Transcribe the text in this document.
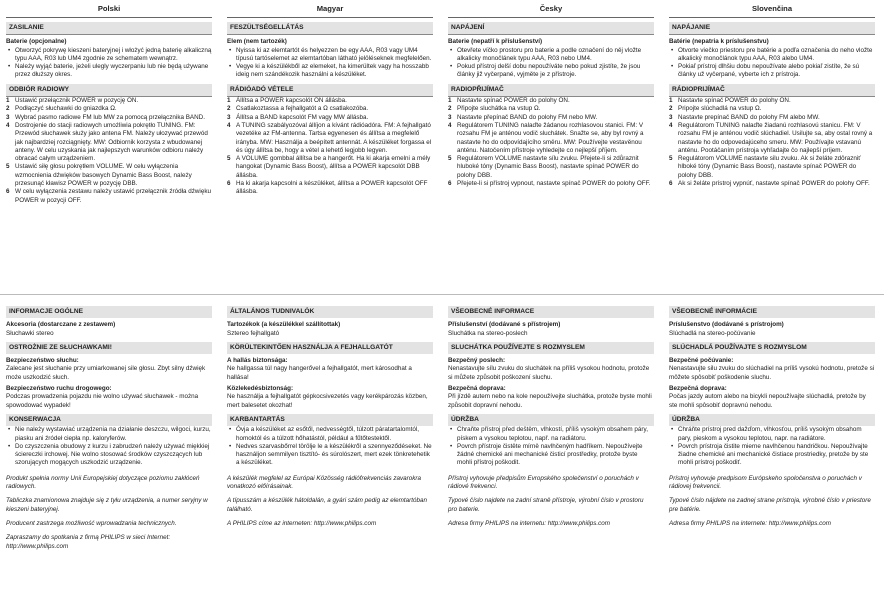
Polski
ZASILANIE
Baterie (opcjonalne)
• Otworzyć pokrywę kieszeni bateryjnej i włożyć jedną baterię alkaliczną typu AAA, R03 lub UM4 zgodnie ze schematem wewnątrz.
• Należy wyjąć baterie, jeżeli ulegly wyczerpaniu lub nie będą używane przez dłuższy okres.
ODBIÓR RADIOWY
1 Ustawić przełącznik POWER w pozycję ON.
2 Podłączyć słuchawki do gniazdka Ω.
3 Wybrać pasmo radiowe FM lub MW za pomocą przełącznika BAND.
4 Dostrojenie do stacji radiowych umożliwia pokrętło TUNING. FM: Przewód słuchawek służy jako antena FM. Należy ułozywać przewód jak najbardziej rozciągnięty. MW: Odbiornik korzysta z wbudowanej anteny. W celu uzyskania jak najlepszych warunków odbioru należy obracać całym urządzeniem.
5 Ustawić siłę głosu pokrętłem VOLUME. W celu wyłączenia wzmocnienia dźwięków basowych Dynamic Bass Boost, należy przesunąć kławisz POWER w pozycję DBB.
6 W celu wyłączenia zestawu należy ustawić przełącznik źródła dźwięku POWER w pozycji OFF.
INFORMACJE OGÓLNE
Akcesoria (dostarczane z zestawem)

Słuchawki stereo

OSTROŻNIE ZE SŁUCHAWKAMI!
Bezpieczeństwo słuchu:

Zalecane jest słuchanie przy umiarkowanej sile głosu. Zbyt silny dźwięk może uszkodzić słuch.

Bezpieczeństwo ruchu drogowego:

Podczas prowadzenia pojazdu nie wolno używać słuchawek - można spowodować wypadek!

KONSERWACJA
• Nie należy wystawiać urządzenia na działanie deszczu, wilgoci, kurzu, piasku ani źródeł ciepła np. kaloryferów.
• Do czyszczenia obudowy z kurzu i zabrudzeń należy używać miękkiej ściereczki irchowej. Nie wolno stosować środków czyszczących lub szorujących mogących uszkodzić urządzenie.

Produkt spełnia normy Unii Europejskiej dotyczące poziomu zakłóceń radiowych.

Tabliczka znamionowa znajduje się z tyłu urządzenia, a numer seryjny w kieszeni bateryjnej.

Producent zastrzega możliwość wprowadzania technicznych.

Zapraszamy do spotkania z firmą PHILIPS w sieci Internet: http://www.philips.com

Magyar
FESZÜLTSÉGELLÁTÁS
Elem (nem tartozék)
• Nyissa ki az elemtartót és helyezzen be egy AAA, R03 vagy UM4 típusú tartóselemet az elemtartóban látható jelöléseknek megfelelően.
• Vegye ki a készülékből az elemeket, ha kimerültek vagy ha hosszabb ideig nem szándékozik használni a készüléket.
RÁDIÓADÓ VÉTELE
1 Állítsa a POWER kapcsolót ON állásba.
2 Csatlakoztassa a fejhallgatót a Ω csatlakozóba.
3 Állítsa a BAND kapcsolót FM vagy MW állásba.
4 A TUNING szabályozóval állíjon a kívánt rádióadóra. FM: A fejhallgató vezetéke az FM-antenna. Tartsa egyenesen és állítsa a megfelelő irányba. MW: Használja a beépített antennát. A készüléket forgassa el és úgy állítsa be, hogy a vétel a lehető legjobb legyen.
5 A VOLUME gombbal állítsa be a hangerőt. Ha ki akarja emelni a mély hangokat (Dynamic Bass Boost), állítsa a POWER kapcsolót DBB állásba.
6 Ha ki akarja kapcsolni a készüléket, állítsa a POWER kapcsolót OFF állásba.
ÁLTALÁNOS TUDNIVALÓK
Tartozékok (a készülékkel szállítottak)

Sztereo fejhallgató

KÖRÜLTEKINTŐEN HASZNÁLJA A FEJHALLGATÓT
A hallás biztonsága:

Ne hallgassa túl nagy hangerővel a fejhallgatót, mert károsodhat a hallása!

Közlekedésbiztonság:

Ne használja a fejhallgatót gépkocsivezetés vagy kerékpározás közben, mert balesetet okozhat!

KARBANTARTÁS
• Óvja a készüléket az esőtől, nedvességtől, túlzott páratartalomtól, homoktól és a túlzott hőhatástól, például a fűtőtestektől.
• Nedves szarvasbőrrel törölje le a készülékről a szennyeződéseket. Ne használjon semmilyen tisztító- és súrolószert, mert ezek tönkretehetik a készüléket.

A készülék megfelel az Európai Közösség rádiófrekvenciás zavarokra vonatkozó előírásainak.

A típusszám a készülék hátoldalán, a gyári szám pedig az elemtartóban található.

A PHILIPS címe az interneten: http://www.philips.com

Česky
NAPÁJENÍ
Baterie (nepatří k příslušenství)
• Otevřete víčko prostoru pro baterie a podle označení do něj vložte alkalicky monočlánek typu AAA, R03 nebo UM4.
• Pokud přístroj delší dobu nepoužíváte nebo pokud zjistíte, že jsou články již vyčerpané, vyjměte je z přístroje.
RADIOPŘIJÍMAČ
1 Nastavte spínač POWER do polohy ON.
2 Připojte sluchátka na vstup Ω.
3 Nastavte přepínač BAND do polohy FM nebo MW.
4 Regulátorem TUNING nalaďte žádanou rozhlasovou stanici. FM: V rozsahu FM je anténou vodič sluchátek. Snažte se, aby byl rovný a nastavte ho do odpovídajícího směru. MW: Používejte vestavěnou anténu. Natočením přístroje vyhledejte co nejlepší příjem.
5 Regulátorem VOLUME nastavte sílu zvuku. Přejete-li si zdůraznit hluboké tóny (Dynamic Bass Boost), nastavte spínač POWER do polohy DBB.
6 Přejete-li si přístroj vypnout, nastavte spínač POWER do polohy OFF.
VŠEOBECNÉ INFORMACE
Příslušenství (dodávané s přístrojem)

Sluchátka na stereo-poslech

SLUCHÁTKA POUŽÍVEJTE S ROZMYSLEM
Bezpečný poslech:

Nenastavujte sílu zvuku do sluchátek na příliš vysokou hodnotu, protože si můžete způsobit poškození sluchu.

Bezpečná doprava:

Při jízdě autem nebo na kole nepoužívejte sluchátka, protože byste mohli způsobit dopravní nehodu.

ÚDRŽBA
• Chraňte přístroj před deštěm, vlhkostí, příliš vysokým obsahem páry, pískem a vysokou teplotou, např. na radiátoru.
• Povrch přístroje čistěte mírně navlhčeným hadříkem. Nepoužívejte žádné chemické ani mechanické čisticí prostředky, protože byste mohli přístroj poškodit.

Přístroj vyhovuje předpisům Evropského společenství o poruchách v rádiové frekvenci.

Typové číslo najdete na zadní straně přístroje, výrobní číslo v prostoru pro baterie.

Adresa firmy PHILIPS na internetu: http://www.philips.com

Slovenčina
NAPÁJANIE
Batérie (nepatria k príslušenstvu)
• Otvorte viečko priestoru pre batérie a podľa označenia do neho vložte alkalický monočlánok typu AAA, R03 alebo UM4.
• Pokiaľ prístroj dlhšiu dobu nepoužívate alebo pokiaľ zistíte, že sú články už vyčerpané, vyberte ich z prístroja.
RÁDIOPRIJÍMAČ
1 Nastavte spínač POWER do polohy ON.
2 Pripojte slúchadlá na vstup Ω.
3 Nastavte prepínač BAND do polohy FM alebo MW.
4 Regulátorom TUNING nalaďte žiadanú rozhlasovú stanicu. FM: V rozsahu FM je anténou vodič slúchadiel. Usilujte sa, aby ostal rovný a nastavte ho do odpovedajúceho smeru. MW: Používajte vstavanú anténu. Pootáčaním prístroja vyhľadajte čo najlepší príjem.
5 Regulátorom VOLUME nastavte silu zvuku. Ak si želáte zdôrazniť hlboké tóny (Dynamic Bass Boost), nastavte spínač POWER do polohy DBB.
6 Ak si želáte prístroj vypnúť, nastavte spínač POWER do polohy OFF.
VŠEOBECNÉ INFORMÁCIE
Príslušenstvo (dodávané s prístrojom)

Slúchadlá na stereo-počúvanie

SLÚCHADLÁ POUŽÍVAJTE S ROZMYSLOM
Bezpečné počúvanie:

Nenastavujte silu zvuku do slúchadiel na príliš vysokú hodnotu, pretože si môžete spôsobiť poškodenie sluchu.

Bezpečná doprava:

Počas jazdy autom alebo na bicykli nepoužívajte slúchadlá, pretože by ste mohli spôsobiť dopravnú nehodu.

ÚDRŽBA
• Chráňte prístroj pred dažďom, vlhkosťou, príliš vysokým obsahom pary, pieskom a vysokou teplotou, napr. na radiátore.
• Povrch prístroja čistite mierne navlhčenou handričkou. Nepoužívajte žiadne chemické ani mechanické čistiace prostriedky, pretože by ste mohli prístroj poškodiť.

Prístroj vyhovuje predpisom Európskeho spoločenstva o poruchách v rádiovej frekvencii.

Typové číslo nájdete na zadnej strane prístroja, výrobné číslo v priestore pre batérie.

Adresa firmy PHILIPS na internete: http://www.philips.com
